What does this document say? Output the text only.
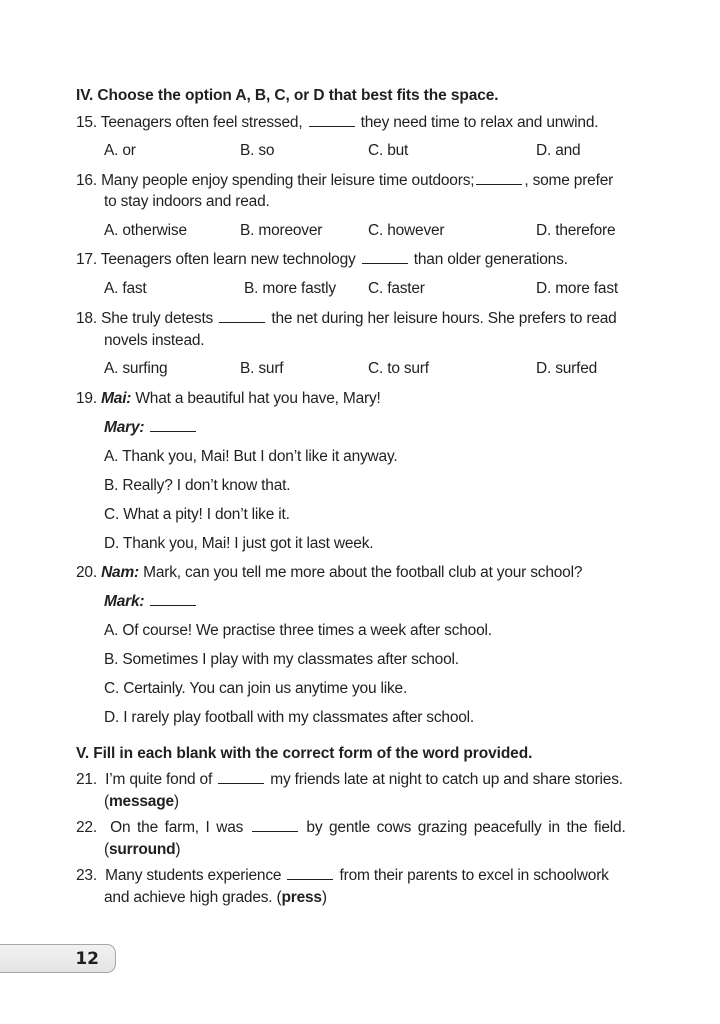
IV. Choose the option A, B, C, or D that best fits the space.
15. Teenagers often feel stressed,	they need time to relax and unwind.
A. or	B. so	C. but	D. and
16. Many people enjoy spending their leisure time outdoors;	, some prefer
to stay indoors and read.
A. otherwise	B. moreover	C. however	D. therefore
17. Teenagers often learn new technology	than older generations.
A. fast	B. more fastly C. faster	D. more fast
18. She truly detests	the net during her leisure hours. She prefers to read
novels instead.
A. surfing	B. surf	C. to surf	D. surfed
19. Mai: What a beautiful hat you have, Mary!
Mary:
A. Thank you, Mai! But I don’t like it anyway.
B. Really? I don’t know that.
C. What a pity! I don’t like it.
D. Thank you, Mai! I just got it last week.
20. Nam: Mark, can you tell me more about the football club at your school?
Mark:
A. Of course! We practise three times a week after school.
B. Sometimes I play with my classmates after school.
C. Certainly. You can join us anytime you like.
D. I rarely play football with my classmates after school.
V. Fill in each blank with the correct form of the word provided.
21. I’m quite fond of	my friends late at night to catch up and share stories.
(message)
22. On the farm, I was	by gentle cows grazing peacefully in the field.
(surround)
23. Many students experience	from their parents to excel in schoolwork
and achieve high grades. (press)
12
